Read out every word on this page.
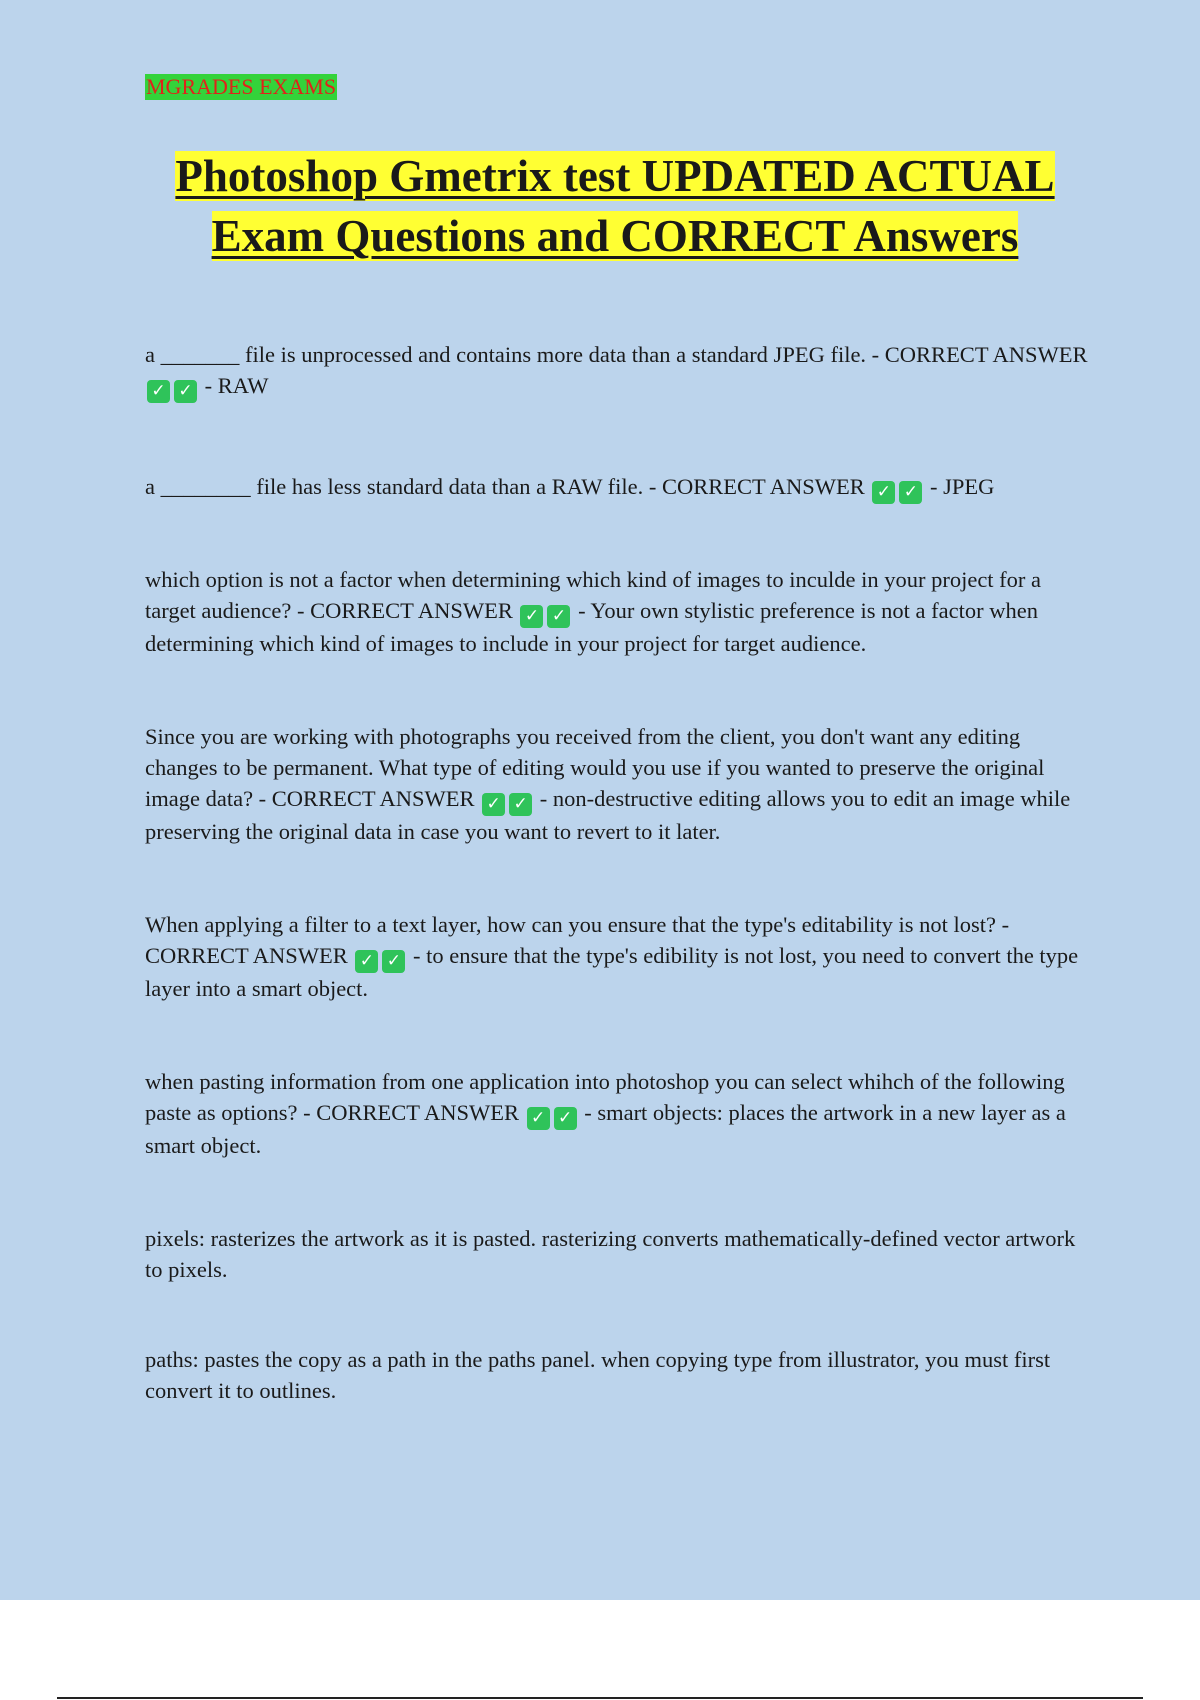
MGRADES EXAMS
Photoshop Gmetrix test UPDATED ACTUAL Exam Questions and CORRECT Answers

a _______ file is unprocessed and contains more data than a standard JPEG file. - CORRECT ANSWER ✓ ✓ - RAW

a ________ file has less standard data than a RAW file. - CORRECT ANSWER ✓ ✓ - JPEG

which option is not a factor when determining which kind of images to inculde in your project for a target audience? - CORRECT ANSWER ✓ ✓ - Your own stylistic preference is not a factor when determining which kind of images to include in your project for target audience.

Since you are working with photographs you received from the client, you don't want any editing changes to be permanent. What type of editing would you use if you wanted to preserve the original image data? - CORRECT ANSWER ✓ ✓ - non-destructive editing allows you to edit an image while preserving the original data in case you want to revert to it later.

When applying a filter to a text layer, how can you ensure that the type's editability is not lost? - CORRECT ANSWER ✓ ✓ - to ensure that the type's edibility is not lost, you need to convert the type layer into a smart object.

when pasting information from one application into photoshop you can select whihch of the following paste as options? - CORRECT ANSWER ✓ ✓ - smart objects: places the artwork in a new layer as a smart object.

pixels: rasterizes the artwork as it is pasted. rasterizing converts mathematically-defined vector artwork to pixels.

paths: pastes the copy as a path in the paths panel. when copying type from illustrator, you must first convert it to outlines.
